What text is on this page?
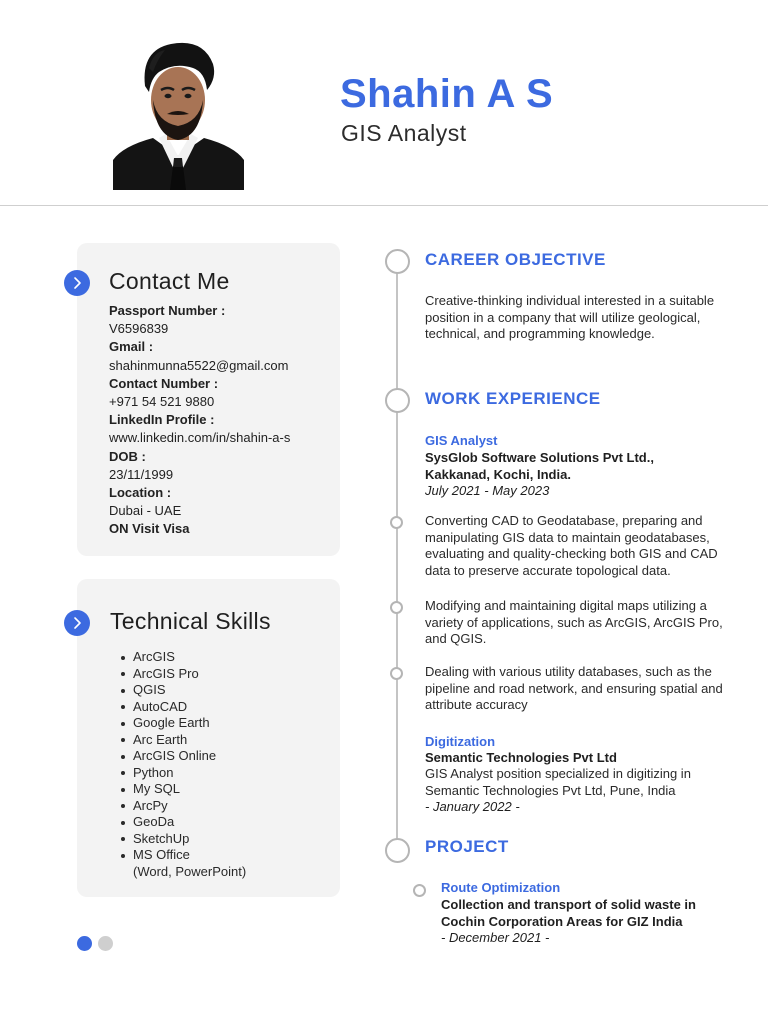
Shahin A S
GIS Analyst
Contact Me
Passport Number :
V6596839
Gmail :
shahinmunna5522@gmail.com
Contact Number :
+971 54 521 9880
LinkedIn Profile :
www.linkedin.com/in/shahin-a-s
DOB :
23/11/1999
Location :
Dubai - UAE
ON Visit Visa
Technical Skills
ArcGIS
ArcGIS Pro
QGIS
AutoCAD
Google Earth
Arc Earth
ArcGIS Online
Python
My SQL
ArcPy
GeoDa
SketchUp
MS Office
(Word, PowerPoint)
CAREER OBJECTIVE
Creative-thinking individual interested in a suitable position in a company that will utilize geological, technical, and programming knowledge.
WORK EXPERIENCE
GIS Analyst
SysGlob Software Solutions Pvt Ltd., Kakkanad, Kochi, India.
July 2021 - May 2023
Converting CAD to Geodatabase, preparing and manipulating GIS data to maintain geodatabases, evaluating and quality-checking both GIS and CAD data to preserve accurate topological data.
Modifying and maintaining digital maps utilizing a variety of applications, such as ArcGIS, ArcGIS Pro, and QGIS.
Dealing with various utility databases, such as the pipeline and road network, and ensuring spatial and attribute accuracy
Digitization
Semantic Technologies Pvt Ltd
GIS Analyst position specialized in digitizing in Semantic Technologies Pvt Ltd, Pune, India
- January 2022 -
PROJECT
Route Optimization
Collection and transport of solid waste in Cochin Corporation Areas for GIZ India
- December 2021 -
